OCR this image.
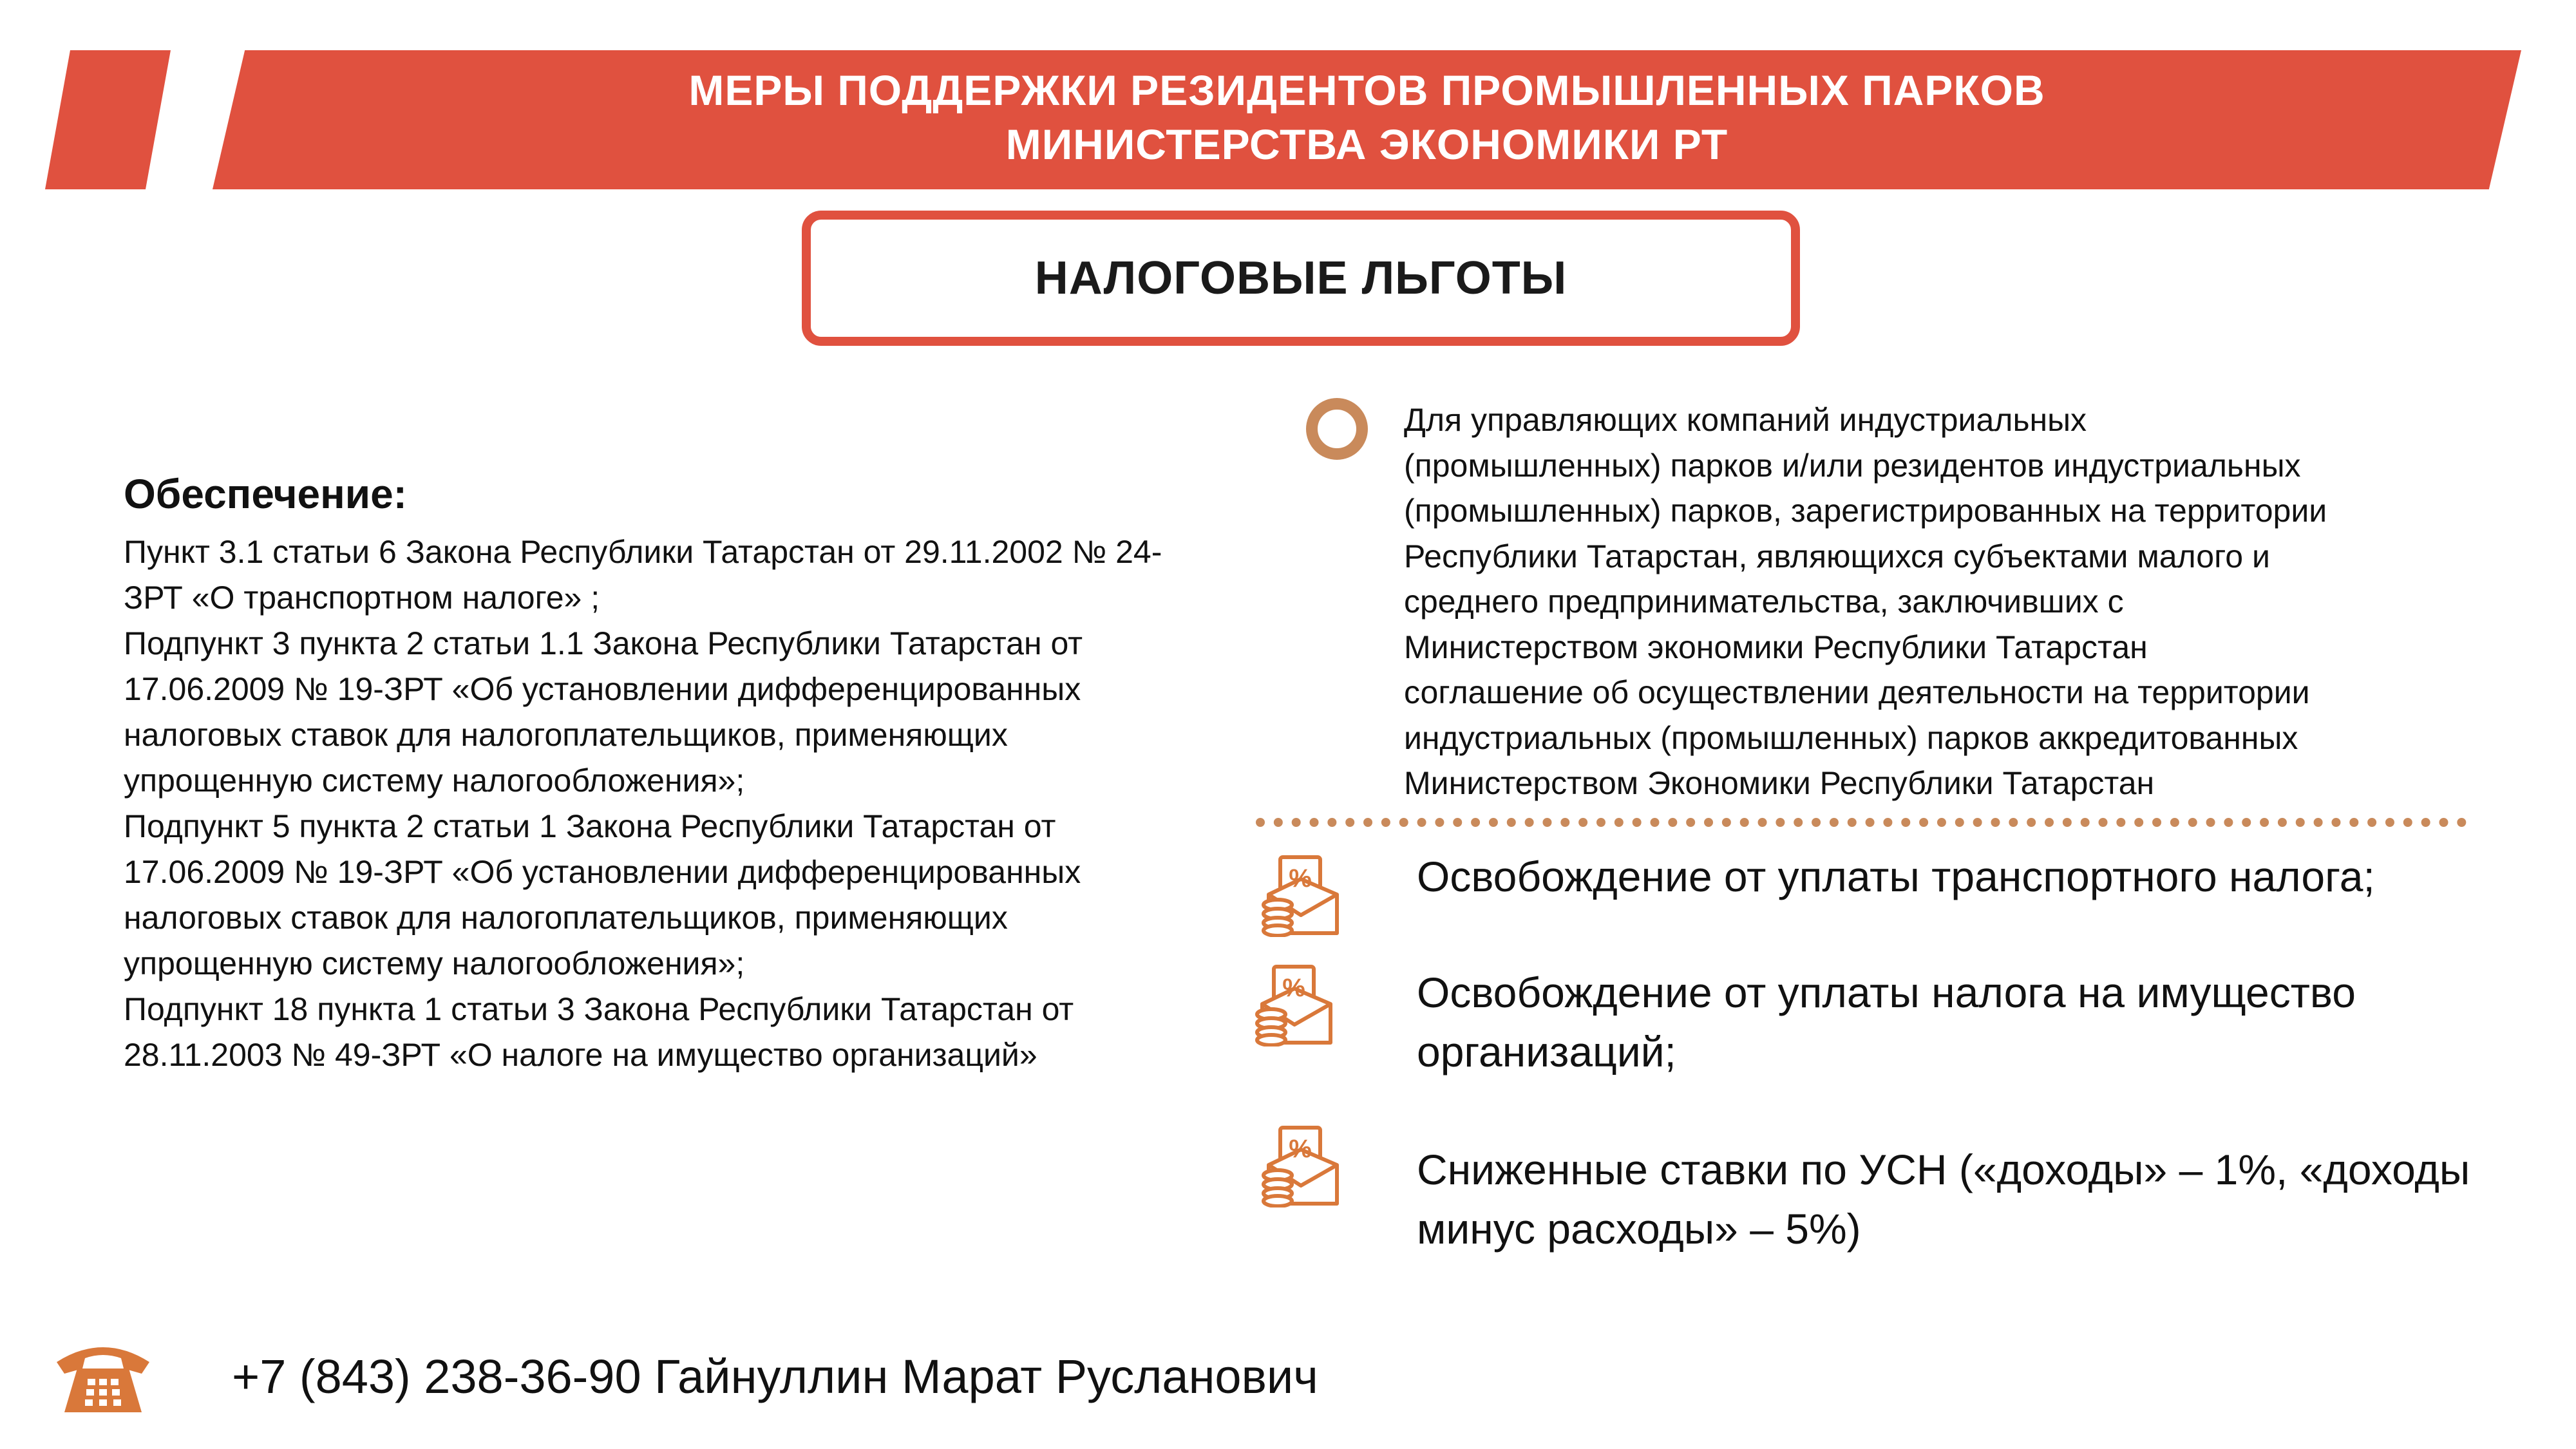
МЕРЫ ПОДДЕРЖКИ РЕЗИДЕНТОВ ПРОМЫШЛЕННЫХ ПАРКОВ
МИНИСТЕРСТВА ЭКОНОМИКИ РТ
НАЛОГОВЫЕ ЛЬГОТЫ
Обеспечение:
Пункт 3.1 статьи 6 Закона Республики Татарстан от 29.11.2002 № 24-ЗРТ «О транспортном налоге» ;
Подпункт 3 пункта 2 статьи 1.1 Закона Республики Татарстан от 17.06.2009 № 19-ЗРТ «Об установлении дифференцированных налоговых ставок для налогоплательщиков, применяющих упрощенную систему налогообложения»;
Подпункт 5 пункта 2 статьи 1 Закона Республики Татарстан от 17.06.2009 № 19-ЗРТ «Об установлении дифференцированных налоговых ставок для налогоплательщиков, применяющих упрощенную систему налогообложения»;
Подпункт 18 пункта 1 статьи 3 Закона Республики Татарстан от 28.11.2003 № 49-ЗРТ «О налоге на имущество организаций»
Для управляющих компаний индустриальных
(промышленных) парков и/или резидентов индустриальных
(промышленных) парков, зарегистрированных на территории
Республики Татарстан, являющихся субъектами малого и
среднего предпринимательства, заключивших с
Министерством экономики Республики Татарстан
соглашение об осуществлении деятельности на территории
индустриальных (промышленных) парков аккредитованных
Министерством Экономики Республики Татарстан
% Освобождение от уплаты транспортного налога;
%	Освобождение от уплаты налога на имущество организаций;
% Сниженные ставки по УСН («доходы» – 1%, «доходы минус расходы» – 5%)
+7 (843) 238-36-90 Гайнуллин Марат Русланович
